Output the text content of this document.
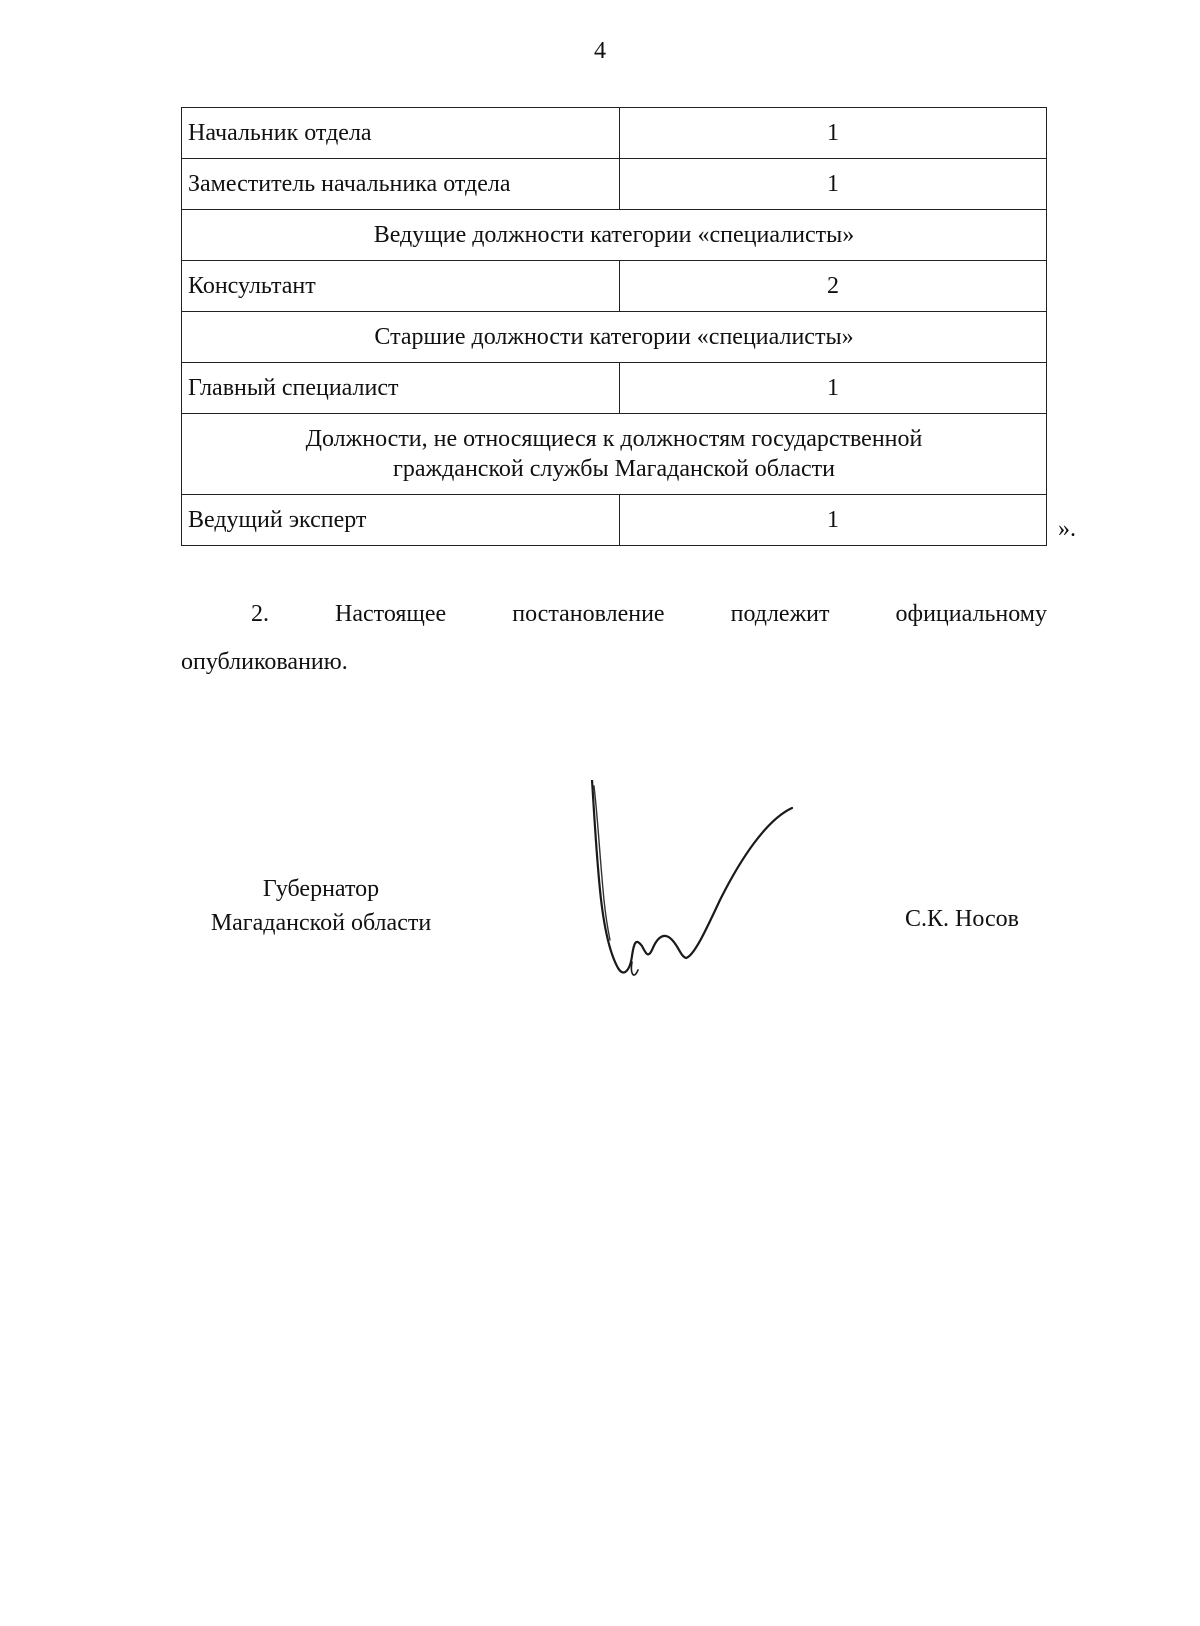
4
Начальник отдела	1
Заместитель начальника отдела	1
Ведущие должности категории «специалисты»	
Консультант	2
Старшие должности категории «специалисты»	
Главный специалист	1

Должности, не относящиеся к должностям государственной
гражданской службы Магаданской области	

Ведущий эксперт	1	».
2.	Настоящее	постановление	подлежит	официальному
опубликованию.
Губернатор
Магаданской области	С.К. Носов
